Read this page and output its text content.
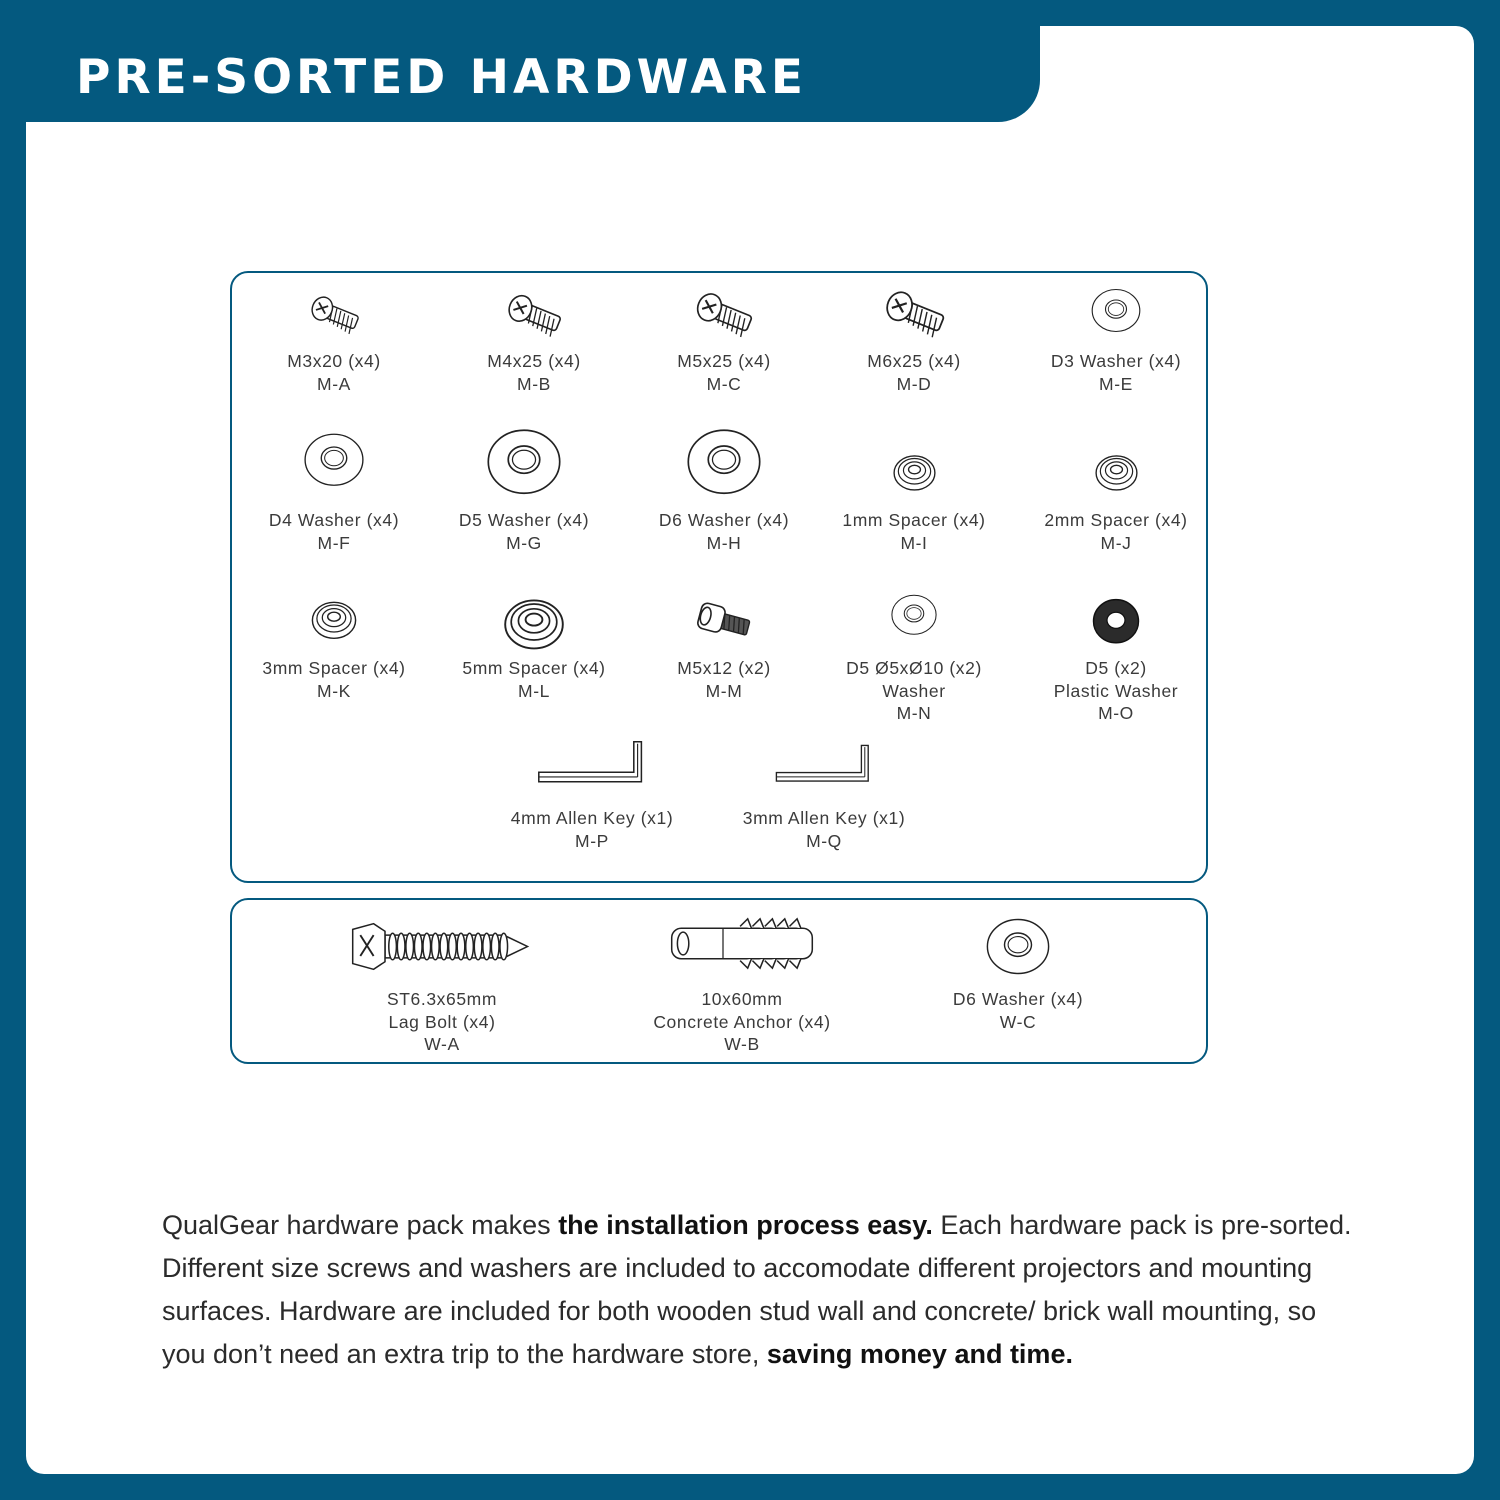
PRE-SORTED HARDWARE
M3x20 (x4)
M-A
M4x25 (x4)
M-B
M5x25 (x4)
M-C
M6x25 (x4)
M-D
D3 Washer (x4)
M-E
D4 Washer (x4)
M-F
D5 Washer (x4)
M-G
D6 Washer (x4)
M-H
1mm Spacer (x4)
M-I
2mm Spacer (x4)
M-J
3mm Spacer (x4)
M-K
5mm Spacer (x4)
M-L
M5x12 (x2)
M-M
D5 Ø5xØ10 (x2)
Washer
M-N
D5 (x2)
Plastic Washer
M-O
4mm Allen Key (x1)
M-P
3mm Allen Key (x1)
M-Q
ST6.3x65mm
Lag Bolt (x4)
W-A
10x60mm
Concrete Anchor (x4)
W-B
D6 Washer (x4)
W-C

QualGear hardware pack makes the installation process easy. Each hardware pack is pre-sorted. Different size screws and washers are included to accomodate different projectors and mounting surfaces. Hardware are included for both wooden stud wall and concrete/ brick wall mounting, so you don’t need an extra trip to the hardware store, saving money and time.
